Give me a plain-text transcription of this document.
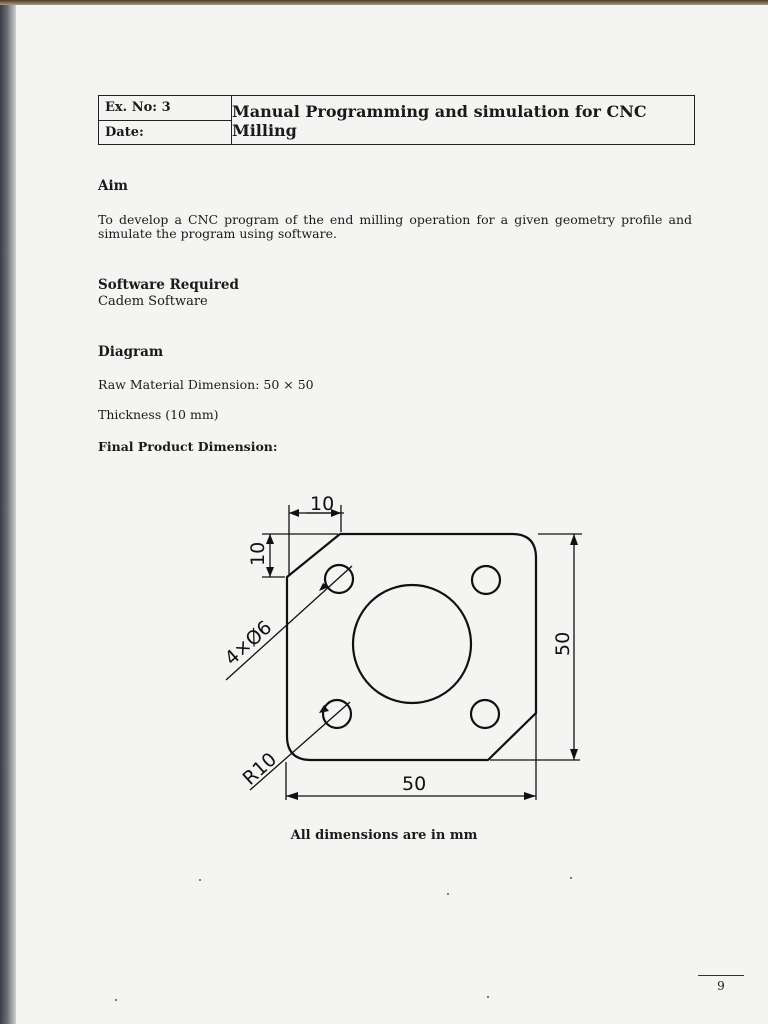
Ex. No: 3
Date:
Manual Programming and simulation for CNC Milling
Aim
To develop a CNC program of the end milling operation for a given geometry profile and simulate the program using software.
Software Required
Cadem Software
Diagram
Raw Material Dimension: 50 × 50
Thickness (10 mm)
Final Product Dimension:
10
10
4×Ø6	50
50
R10
All dimensions are in mm
9
